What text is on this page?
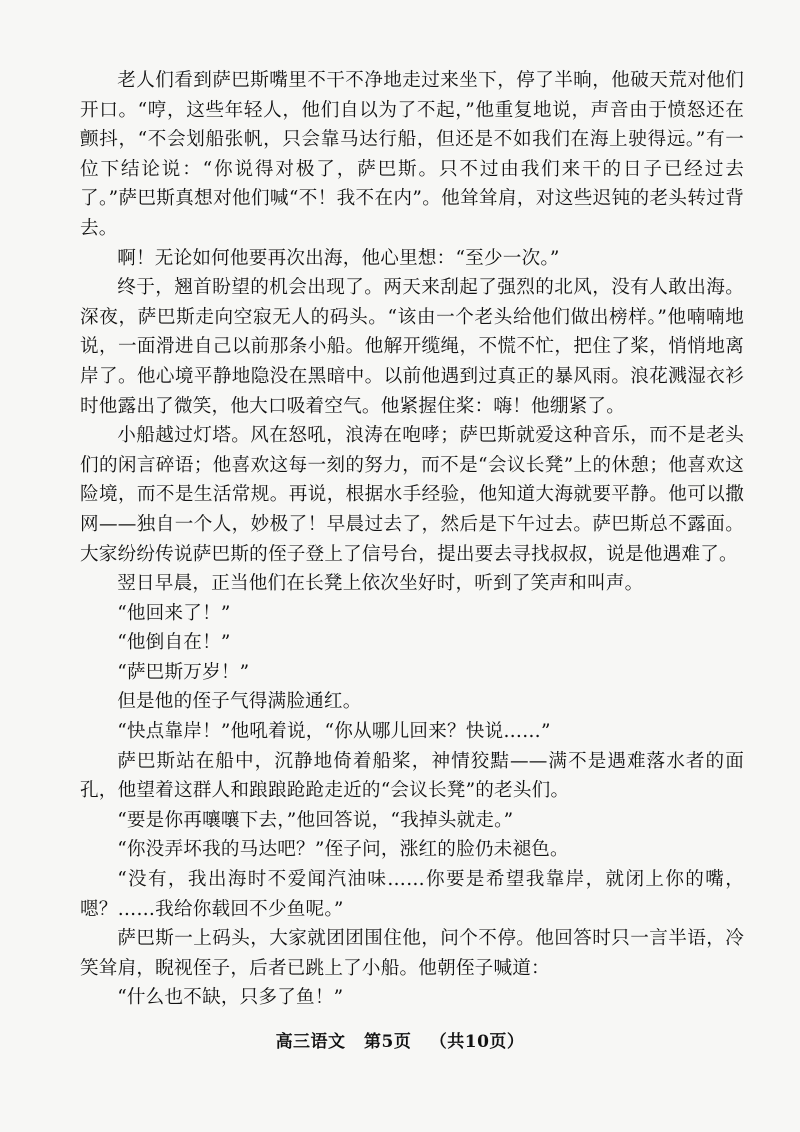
老人们看到萨巴斯嘴里不干不净地走过来坐下，停了半晌，他破天荒对他们开口。“哼，这些年轻人，他们自以为了不起，”他重复地说，声音由于愤怒还在颤抖，“不会划船张帆，只会靠马达行船，但还是不如我们在海上驶得远。”有一位下结论说：“你说得对极了，萨巴斯。只不过由我们来干的日子已经过去了。”萨巴斯真想对他们喊“不！我不在内”。他耸耸肩，对这些迟钝的老头转过背去。

啊！无论如何他要再次出海，他心里想：“至少一次。”

终于，翘首盼望的机会出现了。两天来刮起了强烈的北风，没有人敢出海。深夜，萨巴斯走向空寂无人的码头。“该由一个老头给他们做出榜样。”他喃喃地说，一面滑进自己以前那条小船。他解开缆绳，不慌不忙，把住了桨，悄悄地离岸了。他心境平静地隐没在黑暗中。以前他遇到过真正的暴风雨。浪花溅湿衣衫时他露出了微笑，他大口吸着空气。他紧握住桨：嗨！他绷紧了。

小船越过灯塔。风在怒吼，浪涛在咆哮；萨巴斯就爱这种音乐，而不是老头们的闲言碎语；他喜欢这每一刻的努力，而不是“会议长凳”上的休憩；他喜欢这险境，而不是生活常规。再说，根据水手经验，他知道大海就要平静。他可以撒网——独自一个人，妙极了！早晨过去了，然后是下午过去。萨巴斯总不露面。大家纷纷传说萨巴斯的侄子登上了信号台，提出要去寻找叔叔，说是他遇难了。

翌日早晨，正当他们在长凳上依次坐好时，听到了笑声和叫声。

“他回来了！”

“他倒自在！”

“萨巴斯万岁！”

但是他的侄子气得满脸通红。

“快点靠岸！”他吼着说，“你从哪儿回来？快说……”

萨巴斯站在船中，沉静地倚着船桨，神情狡黠——满不是遇难落水者的面孔，他望着这群人和踉踉跄跄走近的“会议长凳”的老头们。

“要是你再嚷嚷下去，”他回答说，“我掉头就走。”

“你没弄坏我的马达吧？”侄子问，涨红的脸仍未褪色。

“没有，我出海时不爱闻汽油味……你要是希望我靠岸，就闭上你的嘴，嗯？……我给你载回不少鱼呢。”

萨巴斯一上码头，大家就团团围住他，问个不停。他回答时只一言半语，冷笑耸肩，睨视侄子，后者已跳上了小船。他朝侄子喊道：

“什么也不缺，只多了鱼！”

高三语文 第5页 （共10页）
